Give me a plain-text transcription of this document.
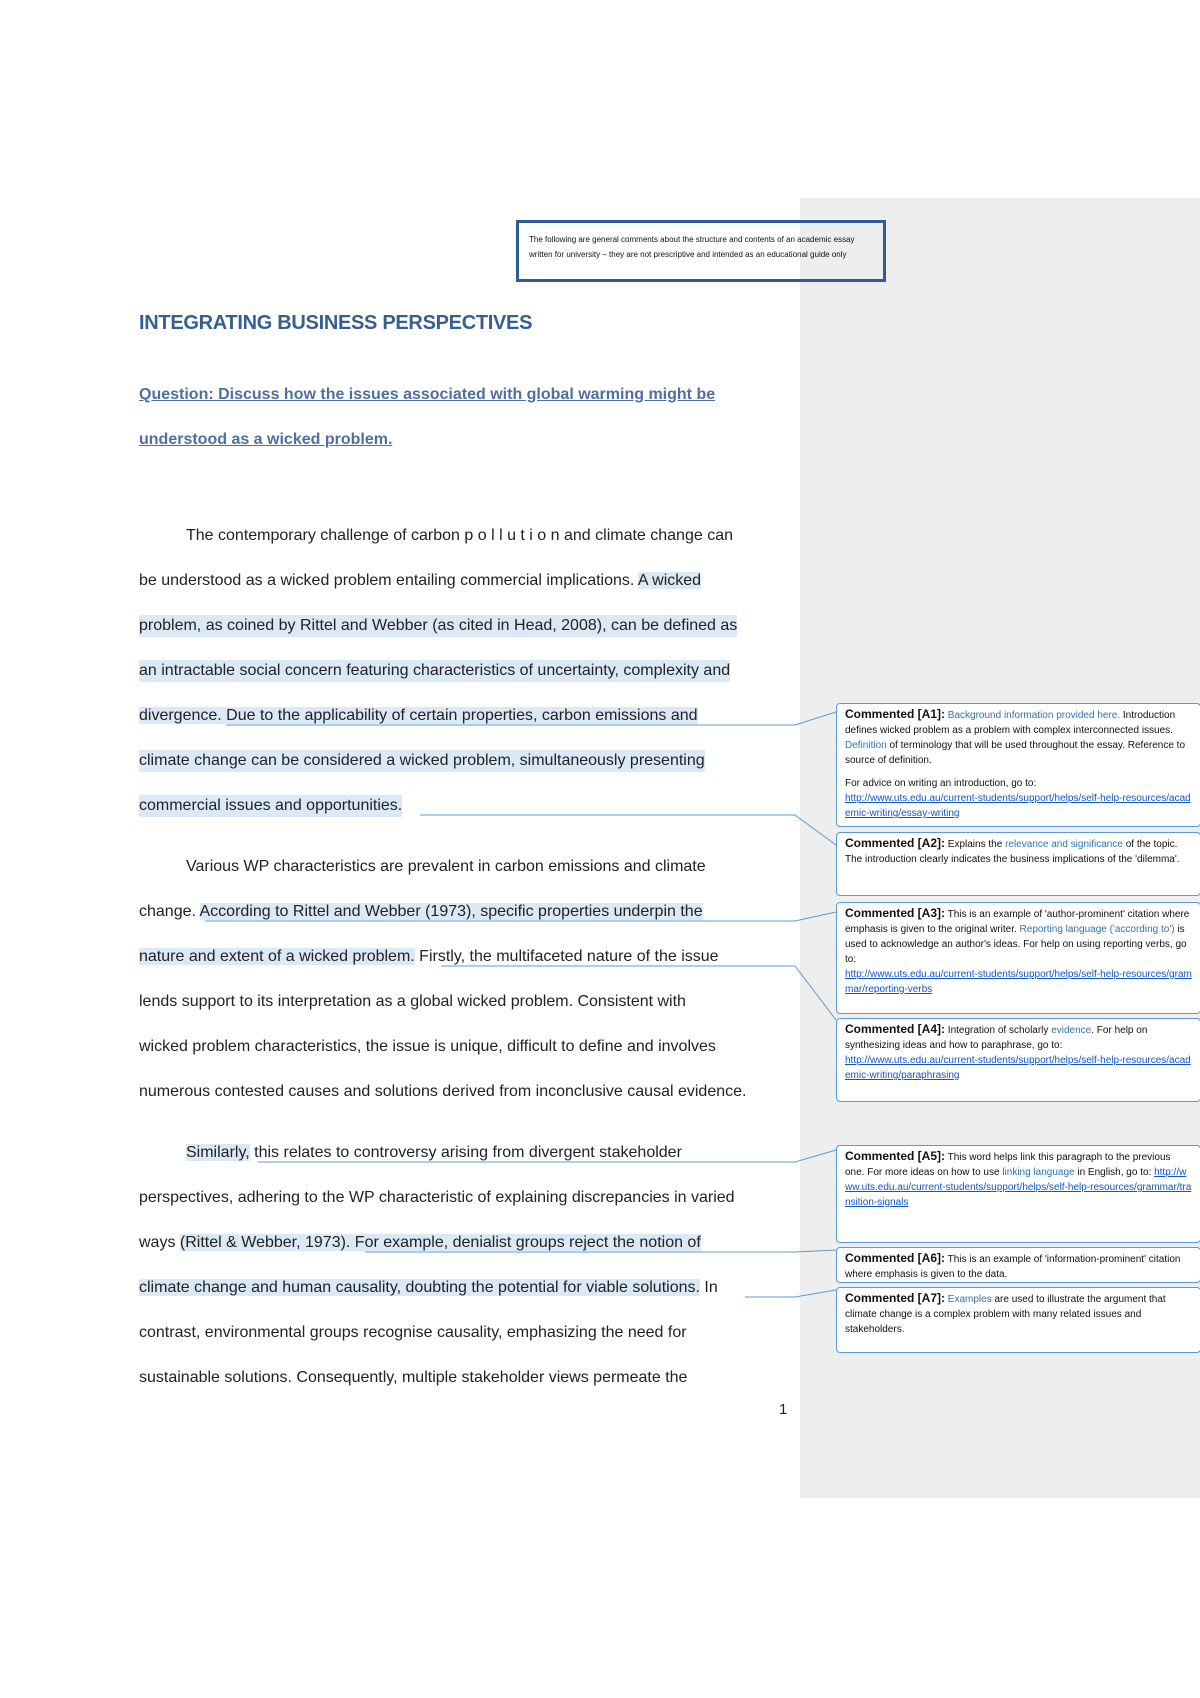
The following are general comments about the structure and contents of an academic essay written for university – they are not prescriptive and intended as an educational guide only
INTEGRATING BUSINESS PERSPECTIVES
Question: Discuss how the issues associated with global warming might be understood as a wicked problem.
The contemporary challenge of carbon p o l l u t i o n and climate change can
be understood as a wicked problem entailing commercial implications. A wicked
problem, as coined by Rittel and Webber (as cited in Head, 2008), can be defined as
an intractable social concern featuring characteristics of uncertainty, complexity and
divergence. Due to the applicability of certain properties, carbon emissions and
climate change can be considered a wicked problem, simultaneously presenting
commercial issues and opportunities.
Various WP characteristics are prevalent in carbon emissions and climate
change. According to Rittel and Webber (1973), specific properties underpin the
nature and extent of a wicked problem. Firstly, the multifaceted nature of the issue
lends support to its interpretation as a global wicked problem. Consistent with
wicked problem characteristics, the issue is unique, difficult to define and involves
numerous contested causes and solutions derived from inconclusive causal evidence.
Similarly, this relates to controversy arising from divergent stakeholder
perspectives, adhering to the WP characteristic of explaining discrepancies in varied
ways (Rittel & Webber, 1973). For example, denialist groups reject the notion of
climate change and human causality, doubting the potential for viable solutions. In
contrast, environmental groups recognise causality, emphasizing the need for
sustainable solutions. Consequently, multiple stakeholder views permeate the
1
Commented [A1]: Background information provided here. Introduction defines wicked problem as a problem with complex interconnected issues. Definition of terminology that will be used throughout the essay. Reference to source of definition.
For advice on writing an introduction, go to:
http://www.uts.edu.au/current-students/support/helps/self-help-resources/academic-writing/essay-writing
Commented [A2]: Explains the relevance and significance of the topic. The introduction clearly indicates the business implications of the 'dilemma'.
Commented [A3]: This is an example of 'author-prominent' citation where emphasis is given to the original writer. Reporting language ('according to') is used to acknowledge an author's ideas. For help on using reporting verbs, go to:
http://www.uts.edu.au/current-students/support/helps/self-help-resources/grammar/reporting-verbs
Commented [A4]: Integration of scholarly evidence. For help on synthesizing ideas and how to paraphrase, go to:
http://www.uts.edu.au/current-students/support/helps/self-help-resources/academic-writing/paraphrasing
Commented [A5]: This word helps link this paragraph to the previous one. For more ideas on how to use linking language in English, go to: http://www.uts.edu.au/current-students/support/helps/self-help-resources/grammar/transition-signals
Commented [A6]: This is an example of 'information-prominent' citation where emphasis is given to the data.
Commented [A7]: Examples are used to illustrate the argument that climate change is a complex problem with many related issues and stakeholders.
